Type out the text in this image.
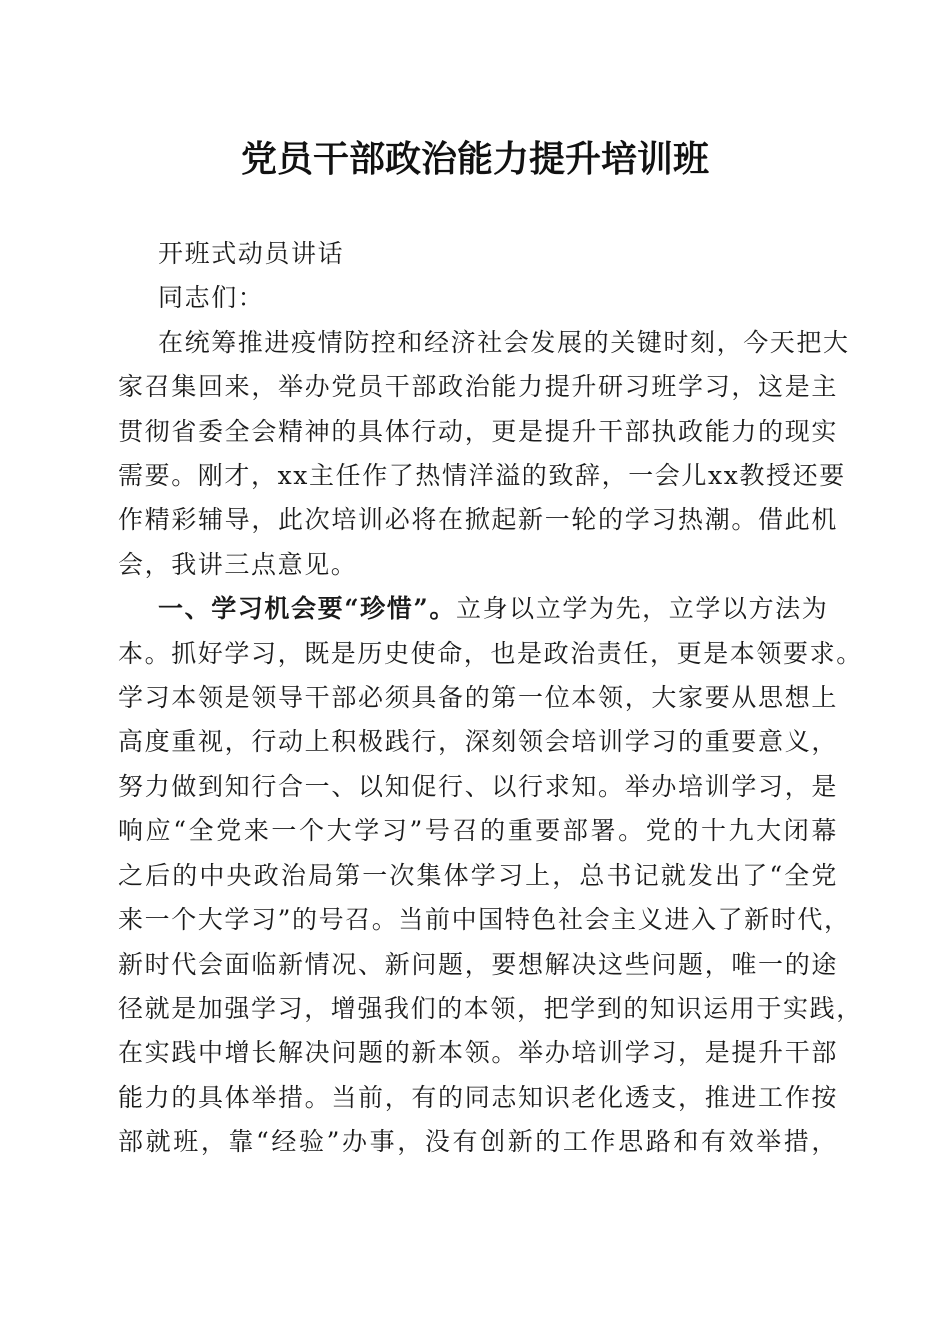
党员干部政治能力提升培训班
开班式动员讲话
同志们：
在统筹推进疫情防控和经济社会发展的关键时刻，今天把大
家召集回来，举办党员干部政治能力提升研习班学习，这是主
贯彻省委全会精神的具体行动，更是提升干部执政能力的现实
需要。刚才，xx主任作了热情洋溢的致辞，一会儿xx教授还要
作精彩辅导，此次培训必将在掀起新一轮的学习热潮。借此机
会，我讲三点意见。
一、学习机会要“珍惜”。立身以立学为先，立学以方法为
本。抓好学习，既是历史使命，也是政治责任，更是本领要求。
学习本领是领导干部必须具备的第一位本领，大家要从思想上
高度重视，行动上积极践行，深刻领会培训学习的重要意义，
努力做到知行合一、以知促行、以行求知。举办培训学习，是
响应“全党来一个大学习”号召的重要部署。党的十九大闭幕
之后的中央政治局第一次集体学习上，总书记就发出了“全党
来一个大学习”的号召。当前中国特色社会主义进入了新时代，
新时代会面临新情况、新问题，要想解决这些问题，唯一的途
径就是加强学习，增强我们的本领，把学到的知识运用于实践，
在实践中增长解决问题的新本领。举办培训学习，是提升干部
能力的具体举措。当前，有的同志知识老化透支，推进工作按
部就班，靠“经验”办事，没有创新的工作思路和有效举措，
